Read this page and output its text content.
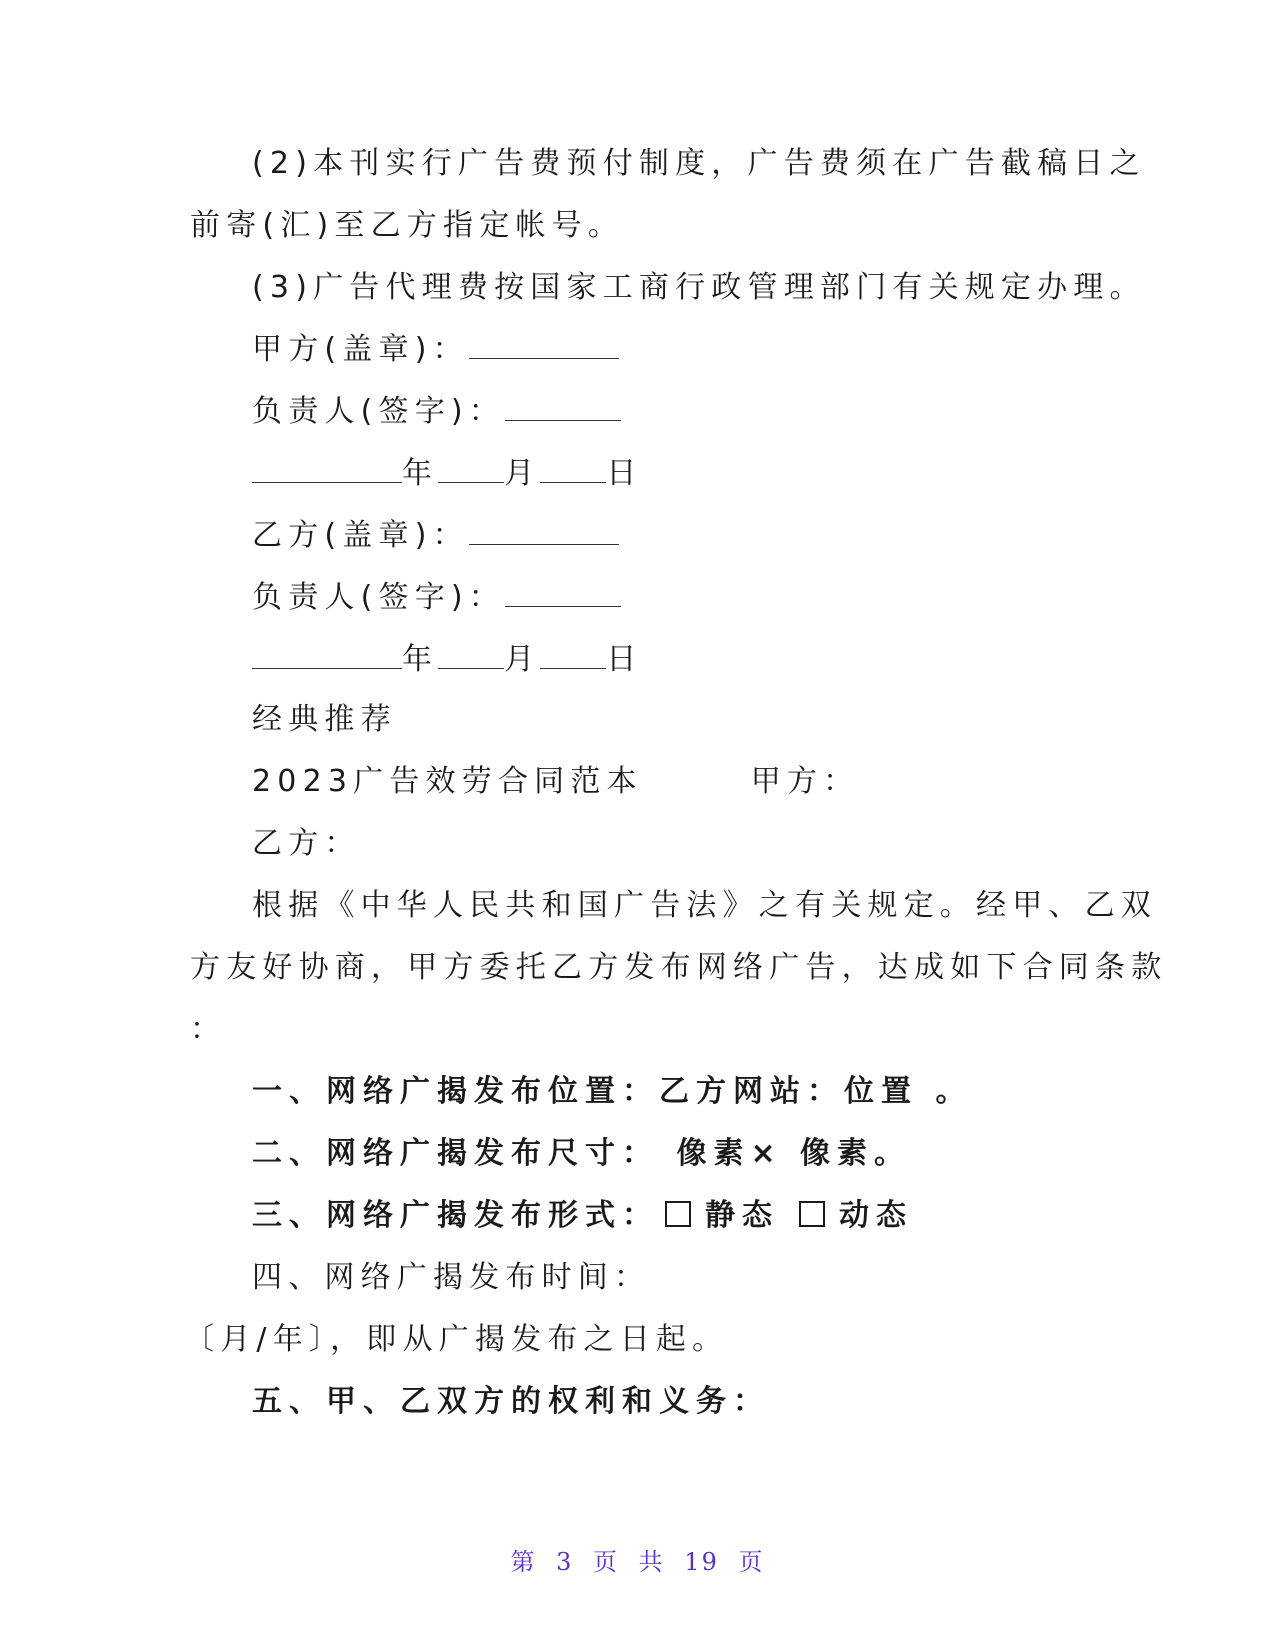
(2)本刊实行广告费预付制度，广告费须在广告截稿日之
前寄(汇)至乙方指定帐号。
(3)广告代理费按国家工商行政管理部门有关规定办理。
甲方(盖章)：
负责人(签字)：
年 月 日
乙方(盖章)：
负责人(签字)：
年 月 日
经典推荐
2023广告效劳合同范本	甲方：
乙方：
根据《中华人民共和国广告法》之有关规定。经甲、乙双
方友好协商，甲方委托乙方发布网络广告，达成如下合同条款
：
一、网络广揭发布位置：乙方网站：位置 。
二、网络广揭发布尺寸： 像素× 像素。
三、网络广揭发布形式： 静态 动态
四、网络广揭发布时间：
〔月/年〕，即从广揭发布之日起。
五、甲、乙双方的权利和义务：
第 3 页 共 19 页
